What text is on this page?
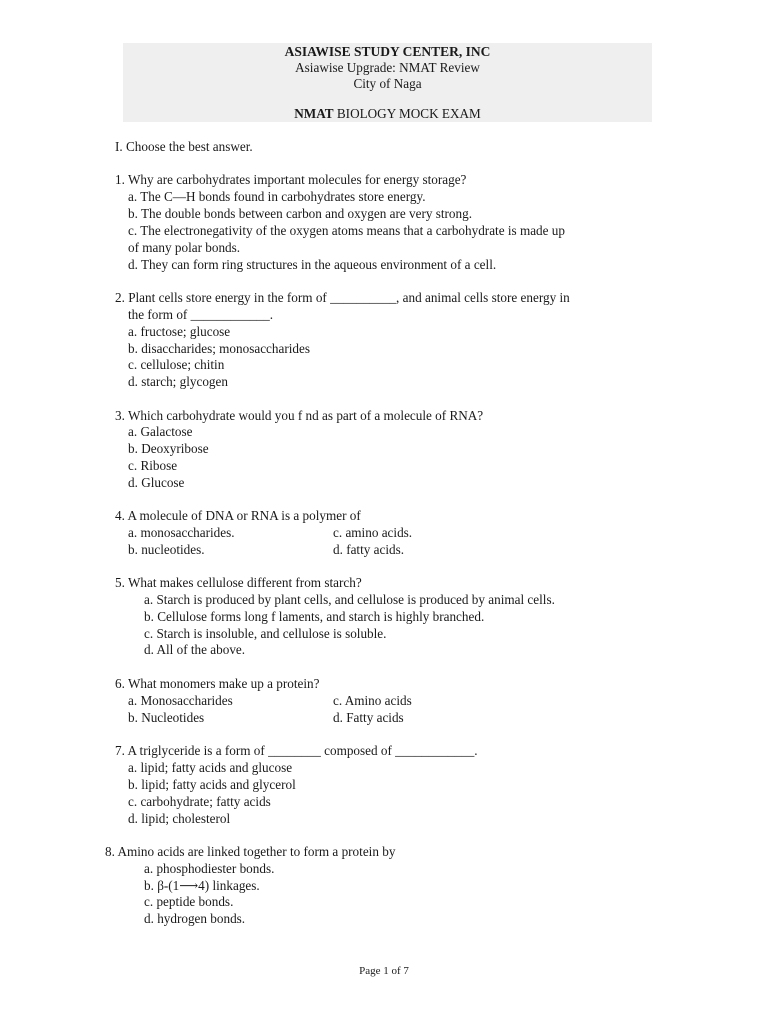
ASIAWISE STUDY CENTER, INC
Asiawise Upgrade: NMAT Review
City of Naga
NMAT BIOLOGY MOCK EXAM
I. Choose the best answer.
1. Why are carbohydrates important molecules for energy storage?
a. The C—H bonds found in carbohydrates store energy.
b. The double bonds between carbon and oxygen are very strong.
c. The electronegativity of the oxygen atoms means that a carbohydrate is made up
of many polar bonds.
d. They can form ring structures in the aqueous environment of a cell.
2. Plant cells store energy in the form of __________, and animal cells store energy in
the form of ____________.
a. fructose; glucose
b. disaccharides; monosaccharides
c. cellulose; chitin
d. starch; glycogen
3. Which carbohydrate would you f nd as part of a molecule of RNA?
a. Galactose
b. Deoxyribose
c. Ribose
d. Glucose
4. A molecule of DNA or RNA is a polymer of
a. monosaccharides.	c. amino acids.
b. nucleotides.	d. fatty acids.
5. What makes cellulose different from starch?
a. Starch is produced by plant cells, and cellulose is produced by animal cells.
b. Cellulose forms long f laments, and starch is highly branched.
c. Starch is insoluble, and cellulose is soluble.
d. All of the above.
6. What monomers make up a protein?
a. Monosaccharides	c. Amino acids
b. Nucleotides	d. Fatty acids
7. A triglyceride is a form of ________ composed of ____________.
a. lipid; fatty acids and glucose
b. lipid; fatty acids and glycerol
c. carbohydrate; fatty acids
d. lipid; cholesterol
8. Amino acids are linked together to form a protein by
a. phosphodiester bonds.
b. β-(1⟶4) linkages.
c. peptide bonds.
d. hydrogen bonds.
Page 1 of 7
